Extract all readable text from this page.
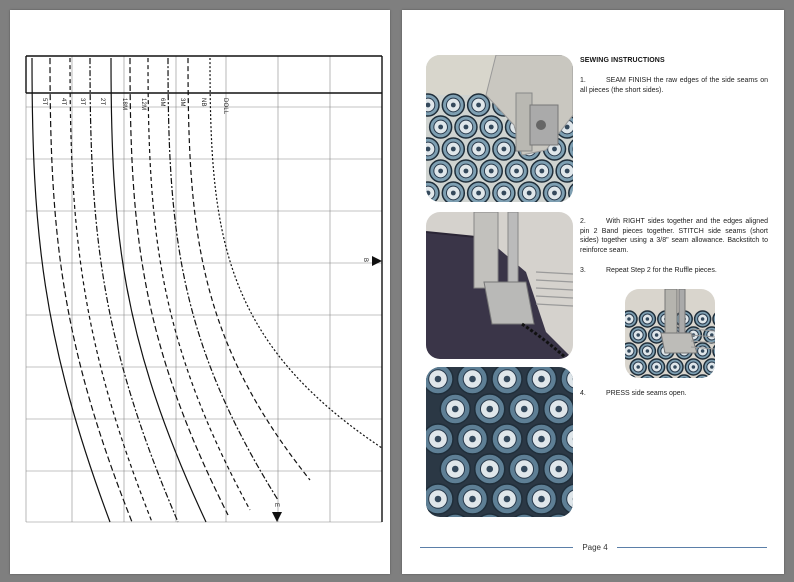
5T 4T 3T 2T	18M 12M 6M 3M	NB	DOLL
B
E
SEWING INSTRUCTIONS
1.	SEAM FINISH the raw edges of the side seams on all pieces (the short sides).
2.	With RIGHT sides together and the edges aligned pin 2 Band pieces together. STITCH side seams (short sides) together using a 3/8" seam allowance. Backstitch to reinforce seam.
3.	Repeat Step 2 for the Ruffle pieces.
4.	PRESS side seams open.
Page 4
